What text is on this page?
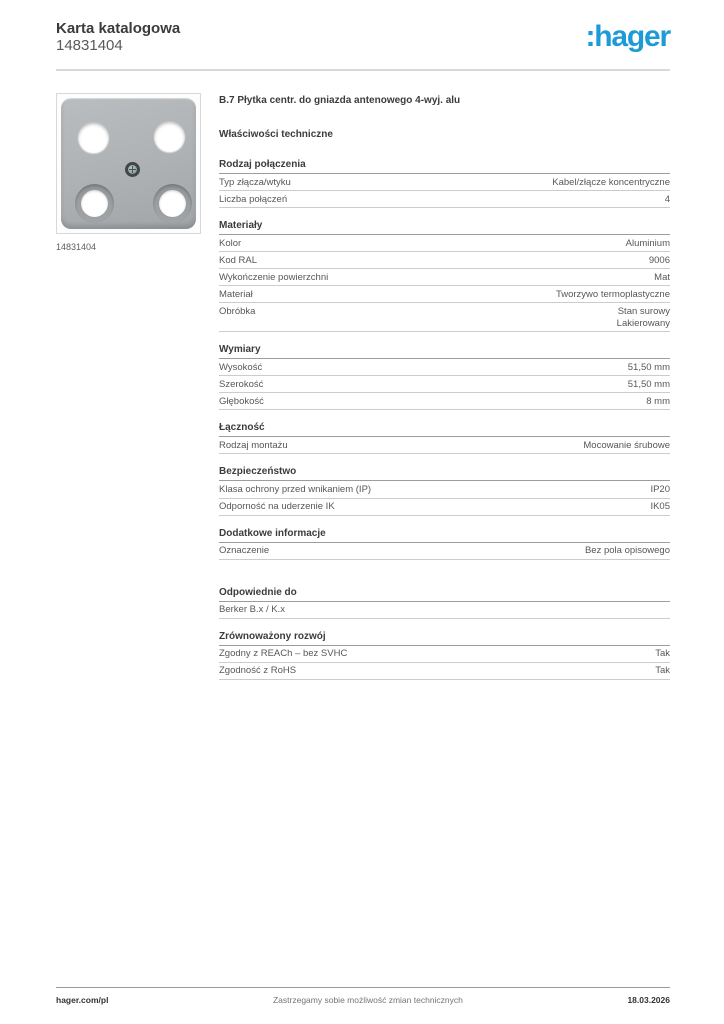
Karta katalogowa
14831404	:hager
14831404
B.7 Płytka centr. do gniazda antenowego 4-wyj. alu
Właściwości techniczne
Rodzaj połączenia
Typ złącza/wtyku	Kabel/złącze koncentryczne
Liczba połączeń	4
Materiały
Kolor	Aluminium
Kod RAL	9006
Wykończenie powierzchni	Mat
Materiał	Tworzywo termoplastyczne
Obróbka	Stan surowy
Lakierowany
Wymiary
Wysokość	51,50 mm
Szerokość	51,50 mm
Głębokość	8 mm
Łączność
Rodzaj montażu	Mocowanie śrubowe
Bezpieczeństwo
Klasa ochrony przed wnikaniem (IP)	IP20
Odporność na uderzenie IK	IK05
Dodatkowe informacje
Oznaczenie	Bez pola opisowego
Odpowiednie do
Berker B.x / K.x
Zrównoważony rozwój
Zgodny z REACh – bez SVHC	Tak
Zgodność z RoHS	Tak
hager.com/pl	Zastrzegamy sobie możliwość zmian technicznych	18.03.2026
